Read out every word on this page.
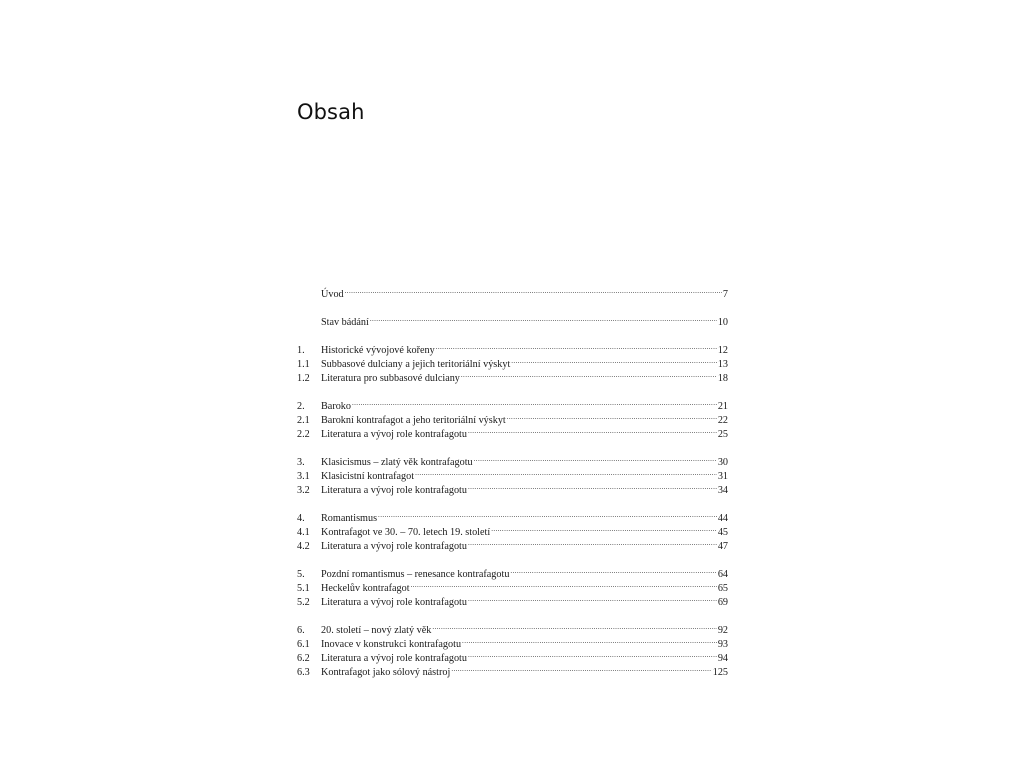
Obsah
Úvod .....	7
Stav bádání .....	10
1.	Historické vývojové kořeny .....	12
1.1	Subbasové dulciany a jejich teritoriální výskyt .....	13
1.2	Literatura pro subbasové dulciany .....	18
2.	Baroko .....	21
2.1	Barokní kontrafagot a jeho teritoriální výskyt .....	22
2.2	Literatura a vývoj role kontrafagotu .....	25
3.	Klasicismus – zlatý věk kontrafagotu .....	30
3.1	Klasicistní kontrafagot .....	31
3.2	Literatura a vývoj role kontrafagotu .....	34
4.	Romantismus .....	44
4.1	Kontrafagot ve 30. – 70. letech 19. století .....	45
4.2	Literatura a vývoj role kontrafagotu .....	47
5.	Pozdní romantismus – renesance kontrafagotu .....	64
5.1	Heckelův kontrafagot .....	65
5.2	Literatura a vývoj role kontrafagotu .....	69
6.	20. století – nový zlatý věk .....	92
6.1	Inovace v konstrukci kontrafagotu .....	93
6.2	Literatura a vývoj role kontrafagotu .....	94
6.3	Kontrafagot jako sólový nástroj .....	125
